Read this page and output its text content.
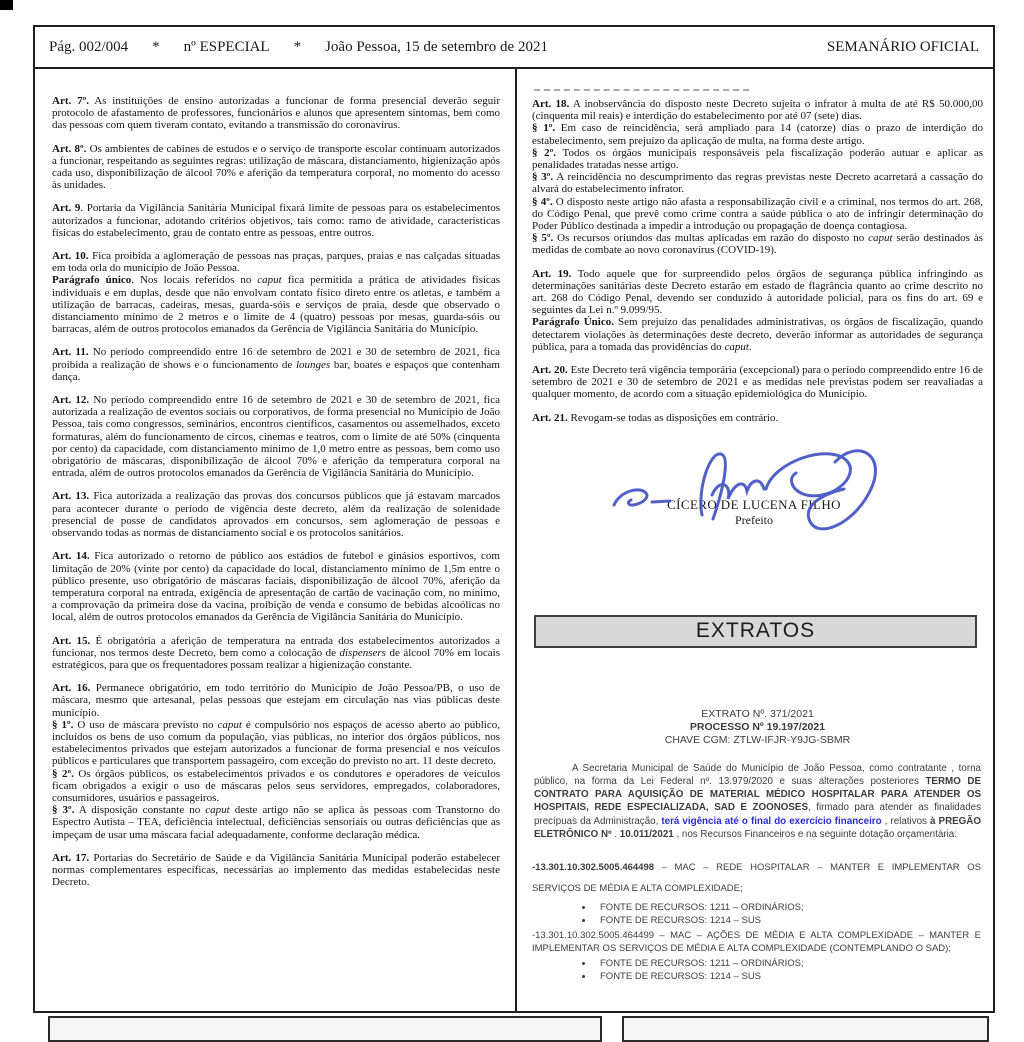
Pág. 002/004 * nº ESPECIAL * João Pessoa, 15 de setembro de 2021	SEMANÁRIO OFICIAL

Art. 7º. As instituições de ensino autorizadas a funcionar de forma presencial deverão seguir protocolo de afastamento de professores, funcionários e alunos que apresentem sintomas, bem como das pessoas com quem tiveram contato, evitando a transmissão do coronavírus.

Art. 8º. Os ambientes de cabines de estudos e o serviço de transporte escolar continuam autorizados a funcionar, respeitando as seguintes regras: utilização de máscara, distanciamento, higienização após cada uso, disponibilização de álcool 70% e aferição da temperatura corporal, no momento do acesso às unidades.

Art. 9. Portaria da Vigilância Sanitária Municipal fixará limite de pessoas para os estabelecimentos autorizados a funcionar, adotando critérios objetivos, tais como: ramo de atividade, características físicas do estabelecimento, grau de contato entre as pessoas, entre outros.

Art. 10. Fica proibida a aglomeração de pessoas nas praças, parques, praias e nas calçadas situadas em toda orla do município de João Pessoa.

Parágrafo único. Nos locais referidos no caput fica permitida a prática de atividades físicas individuais e em duplas, desde que não envolvam contato físico direto entre os atletas, e também a utilização de barracas, cadeiras, mesas, guarda-sóis e serviços de praia, desde que observado o distanciamento mínimo de 2 metros e o limite de 4 (quatro) pessoas por mesas, guarda-sóis ou barracas, além de outros protocolos emanados da Gerência de Vigilância Sanitária do Município.

Art. 11. No período compreendido entre 16 de setembro de 2021 e 30 de setembro de 2021, fica proibida a realização de shows e o funcionamento de lounges bar, boates e espaços que contenham dança.

Art. 12. No período compreendido entre 16 de setembro de 2021 e 30 de setembro de 2021, fica autorizada a realização de eventos sociais ou corporativos, de forma presencial no Município de João Pessoa, tais como congressos, seminários, encontros científicos, casamentos ou assemelhados, exceto formaturas, além do funcionamento de circos, cinemas e teatros, com o limite de até 50% (cinquenta por cento) da capacidade, com distanciamento mínimo de 1,0 metro entre as pessoas, bem como uso obrigatório de máscaras, disponibilização de álcool 70% e aferição da temperatura corporal na entrada, além de outros protocolos emanados da Gerência de Vigilância Sanitária do Município.

Art. 13. Fica autorizada a realização das provas dos concursos públicos que já estavam marcados para acontecer durante o período de vigência deste decreto, além da realização de solenidade presencial de posse de candidatos aprovados em concursos, sem aglomeração de pessoas e observando todas as normas de distanciamento social e os protocolos sanitários.

Art. 14. Fica autorizado o retorno de público aos estádios de futebol e ginásios esportivos, com limitação de 20% (vinte por cento) da capacidade do local, distanciamento mínimo de 1,5m entre o público presente, uso obrigatório de máscaras faciais, disponibilização de álcool 70%, aferição da temperatura corporal na entrada, exigência de apresentação de cartão de vacinação com, no mínimo, a comprovação da primeira dose da vacina, proibição de venda e consumo de bebidas alcoólicas no local, além de outros protocolos emanados da Gerência de Vigilância Sanitária do Município.

Art. 15. É obrigatória a aferição de temperatura na entrada dos estabelecimentos autorizados a funcionar, nos termos deste Decreto, bem como a colocação de dispensers de álcool 70% em locais estratégicos, para que os frequentadores possam realizar a higienização constante.

Art. 16. Permanece obrigatório, em todo território do Município de João Pessoa/PB, o uso de máscara, mesmo que artesanal, pelas pessoas que estejam em circulação nas vias públicas deste município.

§ 1º. O uso de máscara previsto no caput é compulsório nos espaços de acesso aberto ao público, incluídos os bens de uso comum da população, vias públicas, no interior dos órgãos públicos, nos estabelecimentos privados que estejam autorizados a funcionar de forma presencial e nos veículos públicos e particulares que transportem passageiro, com exceção do previsto no art. 11 deste decreto.

§ 2º. Os órgãos públicos, os estabelecimentos privados e os condutores e operadores de veículos ficam obrigados a exigir o uso de máscaras pelos seus servidores, empregados, colaboradores, consumidores, usuários e passageiros.

§ 3º. A disposição constante no caput deste artigo não se aplica às pessoas com Transtorno do Espectro Autista – TEA, deficiência intelectual, deficiências sensoriais ou outras deficiências que as impeçam de usar uma máscara facial adequadamente, conforme declaração médica.

Art. 17. Portarias do Secretário de Saúde e da Vigilância Sanitária Municipal poderão estabelecer normas complementares específicas, necessárias ao implemento das medidas estabelecidas neste Decreto.

Art. 18. A inobservância do disposto neste Decreto sujeita o infrator à multa de até R$ 50.000,00 (cinquenta mil reais) e interdição do estabelecimento por até 07 (sete) dias.

§ 1º. Em caso de reincidência, será ampliado para 14 (catorze) dias o prazo de interdição do estabelecimento, sem prejuízo da aplicação de multa, na forma deste artigo.

§ 2º. Todos os órgãos municipais responsáveis pela fiscalização poderão autuar e aplicar as penalidades tratadas nesse artigo.

§ 3º. A reincidência no descumprimento das regras previstas neste Decreto acarretará a cassação do alvará do estabelecimento infrator.

§ 4º. O disposto neste artigo não afasta a responsabilização civil e a criminal, nos termos do art. 268, do Código Penal, que prevê como crime contra a saúde pública o ato de infringir determinação do Poder Público destinada a impedir a introdução ou propagação de doença contagiosa.

§ 5º. Os recursos oriundos das multas aplicadas em razão do disposto no caput serão destinados às medidas de combate ao novo coronavírus (COVID-19).

Art. 19. Todo aquele que for surpreendido pelos órgãos de segurança pública infringindo as determinações sanitárias deste Decreto estarão em estado de flagrância quanto ao crime descrito no art. 268 do Código Penal, devendo ser conduzido à autoridade policial, para os fins do art. 69 e seguintes da Lei n.º 9.099/95.

Parágrafo Único. Sem prejuízo das penalidades administrativas, os órgãos de fiscalização, quando detectarem violações às determinações deste decreto, deverão informar as autoridades de segurança pública, para a tomada das providências do caput.

Art. 20. Este Decreto terá vigência temporária (excepcional) para o período compreendido entre 16 de setembro de 2021 e 30 de setembro de 2021 e as medidas nele previstas podem ser reavaliadas a qualquer momento, de acordo com a situação epidemiológica do Município.

Art. 21. Revogam-se todas as disposições em contrário.

CÍCERO DE LUCENA FILHO
Prefeito
EXTRATOS
EXTRATO Nº. 371/2021
PROCESSO Nº 19.197/2021
CHAVE CGM: ZTLW-IFJR-Y9JG-SBMR

A Secretaria Municipal de Saúde do Município de João Pessoa, como contratante , torna público, na forma da Lei Federal nº. 13.979/2020 e suas alterações posteriores TERMO DE CONTRATO PARA AQUISIÇÃO DE MATERIAL MÉDICO HOSPITALAR PARA ATENDER OS HOSPITAIS, REDE ESPECIALIZADA, SAD E ZOONOSES, firmado para atender as finalidades precípuas da Administração, terá vigência até o final do exercício financeiro , relativos à PREGÃO ELETRÔNICO Nº . 10.011/2021 , nos Recursos Financeiros e na seguinte dotação orçamentária:

-13.301.10.302.5005.464498 – MAC – REDE HOSPITALAR – MANTER E IMPLEMENTAR OS SERVIÇOS DE MÉDIA E ALTA COMPLEXIDADE;

• FONTE DE RECURSOS: 1211 – ORDINÁRIOS;
• FONTE DE RECURSOS: 1214 – SUS

-13.301.10.302.5005.464499 – MAC – AÇÕES DE MÉDIA E ALTA COMPLEXIDADE – MANTER E IMPLEMENTAR OS SERVIÇOS DE MÉDIA E ALTA COMPLEXIDADE (CONTEMPLANDO O SAD);

• FONTE DE RECURSOS: 1211 – ORDINÁRIOS;
• FONTE DE RECURSOS: 1214 – SUS
